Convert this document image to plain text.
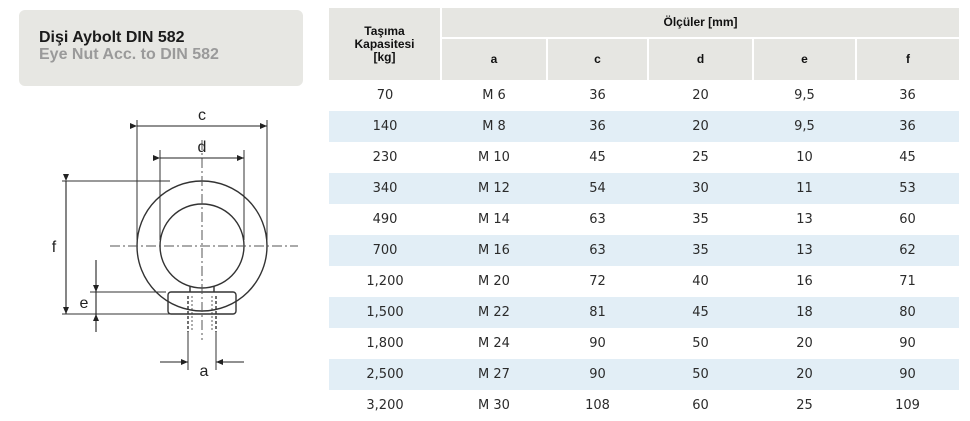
Dişi Aybolt DIN 582
Eye Nut Acc. to DIN 582
c
d
f
e
a
Taşıma
Kapasitesi
[kg]	Ölçüler [mm]				
	a	c	d	e	f
70	M 6	36	20	9,5	36
140	M 8	36	20	9,5	36
230	M 10	45	25	10	45
340	M 12	54	30	11	53
490	M 14	63	35	13	60
700	M 16	63	35	13	62
1,200	M 20	72	40	16	71
1,500	M 22	81	45	18	80
1,800	M 24	90	50	20	90
2,500	M 27	90	50	20	90
3,200	M 30	108	60	25	109
